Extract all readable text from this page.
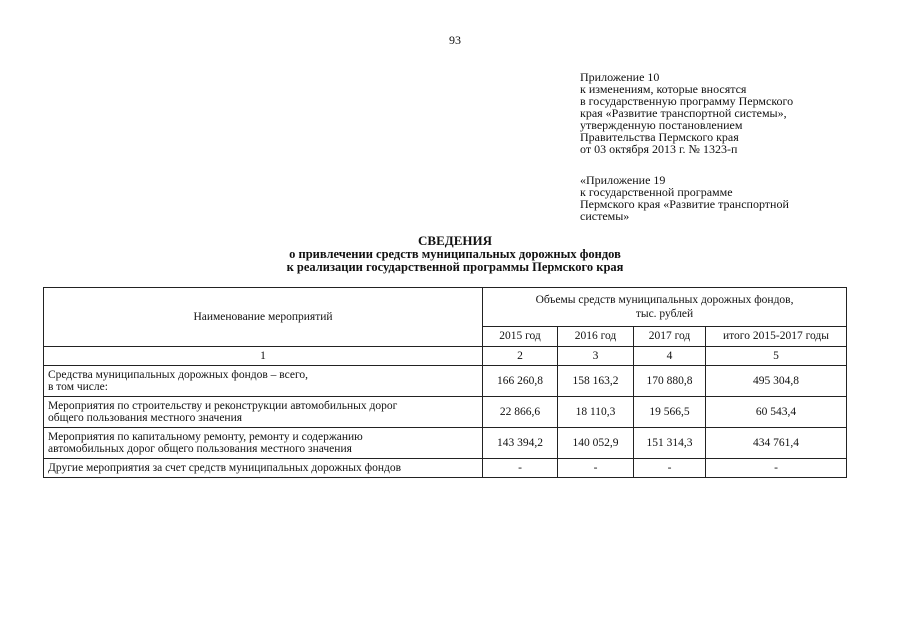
93
Приложение 10
к изменениям, которые вносятся
в государственную программу Пермского
края «Развитие транспортной системы»,
утвержденную постановлением
Правительства Пермского края
от 03 октября 2013 г. № 1323-п
«Приложение 19
к государственной программе
Пермского края «Развитие транспортной
системы»
СВЕДЕНИЯ
о привлечении средств муниципальных дорожных фондов
к реализации государственной программы Пермского края
Наименование мероприятий	Объемы средств муниципальных дорожных фондов,
тыс. рублей			

	2015 год	2016 год	2017 год	итого 2015-2017 годы
1	2	3	4	5

Средства муниципальных дорожных фондов – всего,
в том числе:	166 260,8	158 163,2	170 880,8	495 304,8

Мероприятия по строительству и реконструкции автомобильных дорог
общего пользования местного значения	22 866,6	18 110,3	19 566,5	60 543,4

Мероприятия по капитальному ремонту, ремонту и содержанию
автомобильных дорог общего пользования местного значения	143 394,2	140 052,9	151 314,3	434 761,4

Другие мероприятия за счет средств муниципальных дорожных фондов	-	-	-	-
